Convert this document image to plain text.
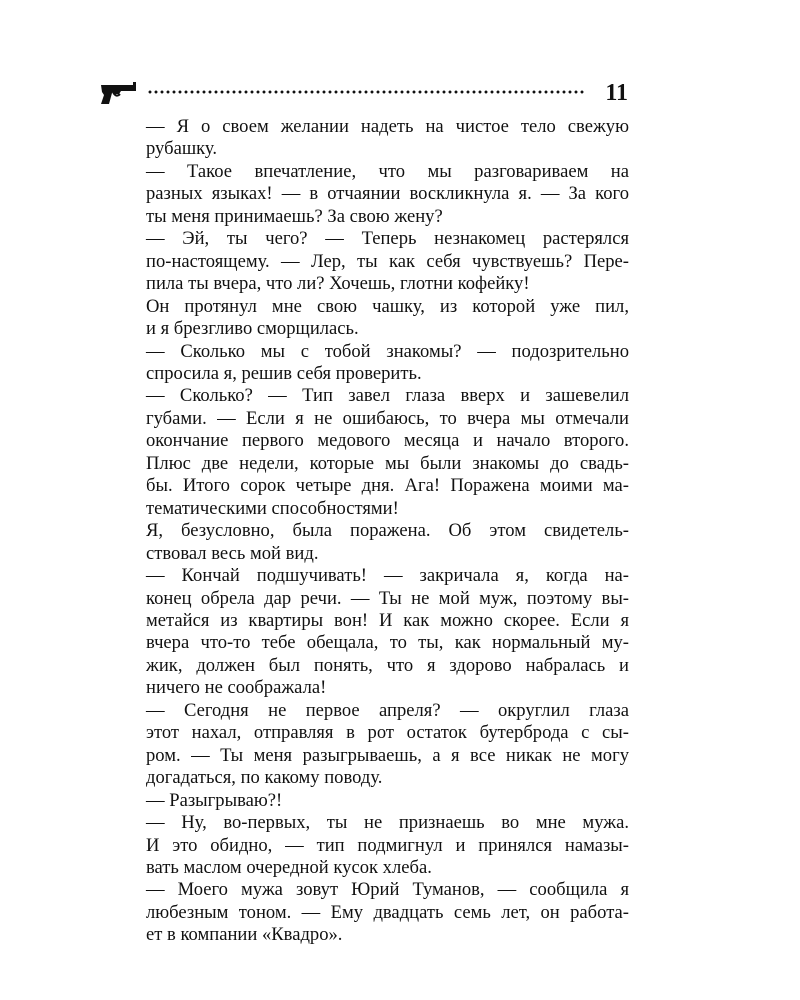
11

— Я о своем желании надеть на чистое тело свежую
рубашку.

— Такое впечатление, что мы разговариваем на
разных языках! — в отчаянии воскликнула я. — За кого
ты меня принимаешь? За свою жену?

— Эй, ты чего? — Теперь незнакомец растерялся
по-настоящему. — Лер, ты как себя чувствуешь? Пере-
пила ты вчера, что ли? Хочешь, глотни кофейку!

Он протянул мне свою чашку, из которой уже пил,
и я брезгливо сморщилась.

— Сколько мы с тобой знакомы? — подозрительно
спросила я, решив себя проверить.

— Сколько? — Тип завел глаза вверх и зашевелил
губами. — Если я не ошибаюсь, то вчера мы отмечали
окончание первого медового месяца и начало второго.
Плюс две недели, которые мы были знакомы до свадь-
бы. Итого сорок четыре дня. Ага! Поражена моими ма-
тематическими способностями!

Я, безусловно, была поражена. Об этом свидетель-
ствовал весь мой вид.

— Кончай подшучивать! — закричала я, когда на-
конец обрела дар речи. — Ты не мой муж, поэтому вы-
метайся из квартиры вон! И как можно скорее. Если я
вчера что-то тебе обещала, то ты, как нормальный му-
жик, должен был понять, что я здорово набралась и
ничего не соображала!

— Сегодня не первое апреля? — округлил глаза
этот нахал, отправляя в рот остаток бутерброда с сы-
ром. — Ты меня разыгрываешь, а я все никак не могу
догадаться, по какому поводу.

— Разыгрываю?!

— Ну, во-первых, ты не признаешь во мне мужа.
И это обидно, — тип подмигнул и принялся намазы-
вать маслом очередной кусок хлеба.

— Моего мужа зовут Юрий Туманов, — сообщила я
любезным тоном. — Ему двадцать семь лет, он работа-
ет в компании «Квадро».
